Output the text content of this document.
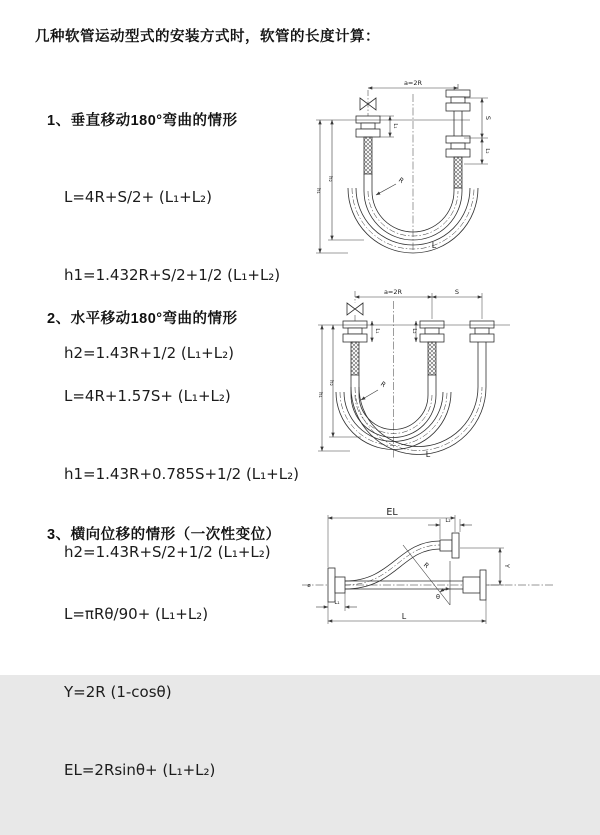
几种软管运动型式的安装方式时，软管的长度计算：
1、垂直移动180°弯曲的情形

L=4R+S/2+ (L₁+L₂)

h1=1.432R+S/2+1/2 (L₁+L₂)

h2=1.43R+1/2 (L₁+L₂)

2、水平移动180°弯曲的情形

L=4R+1.57S+ (L₁+L₂)

h1=1.43R+0.785S+1/2 (L₁+L₂)

h2=1.43R+S/2+1/2 (L₁+L₂)

3、横向位移的情形（一次性变位）

L=πRθ/90+ (L₁+L₂)

Y=2R (1-cosθ)

EL=2Rsinθ+ (L₁+L₂)

a=2R
S
L₂
h₁
h₂
L₁
R
L
a=2R	S
h₁
h₂
L₁	L₂
R
L
EL
L₂
Y
R
θ
L₁
L
ø
